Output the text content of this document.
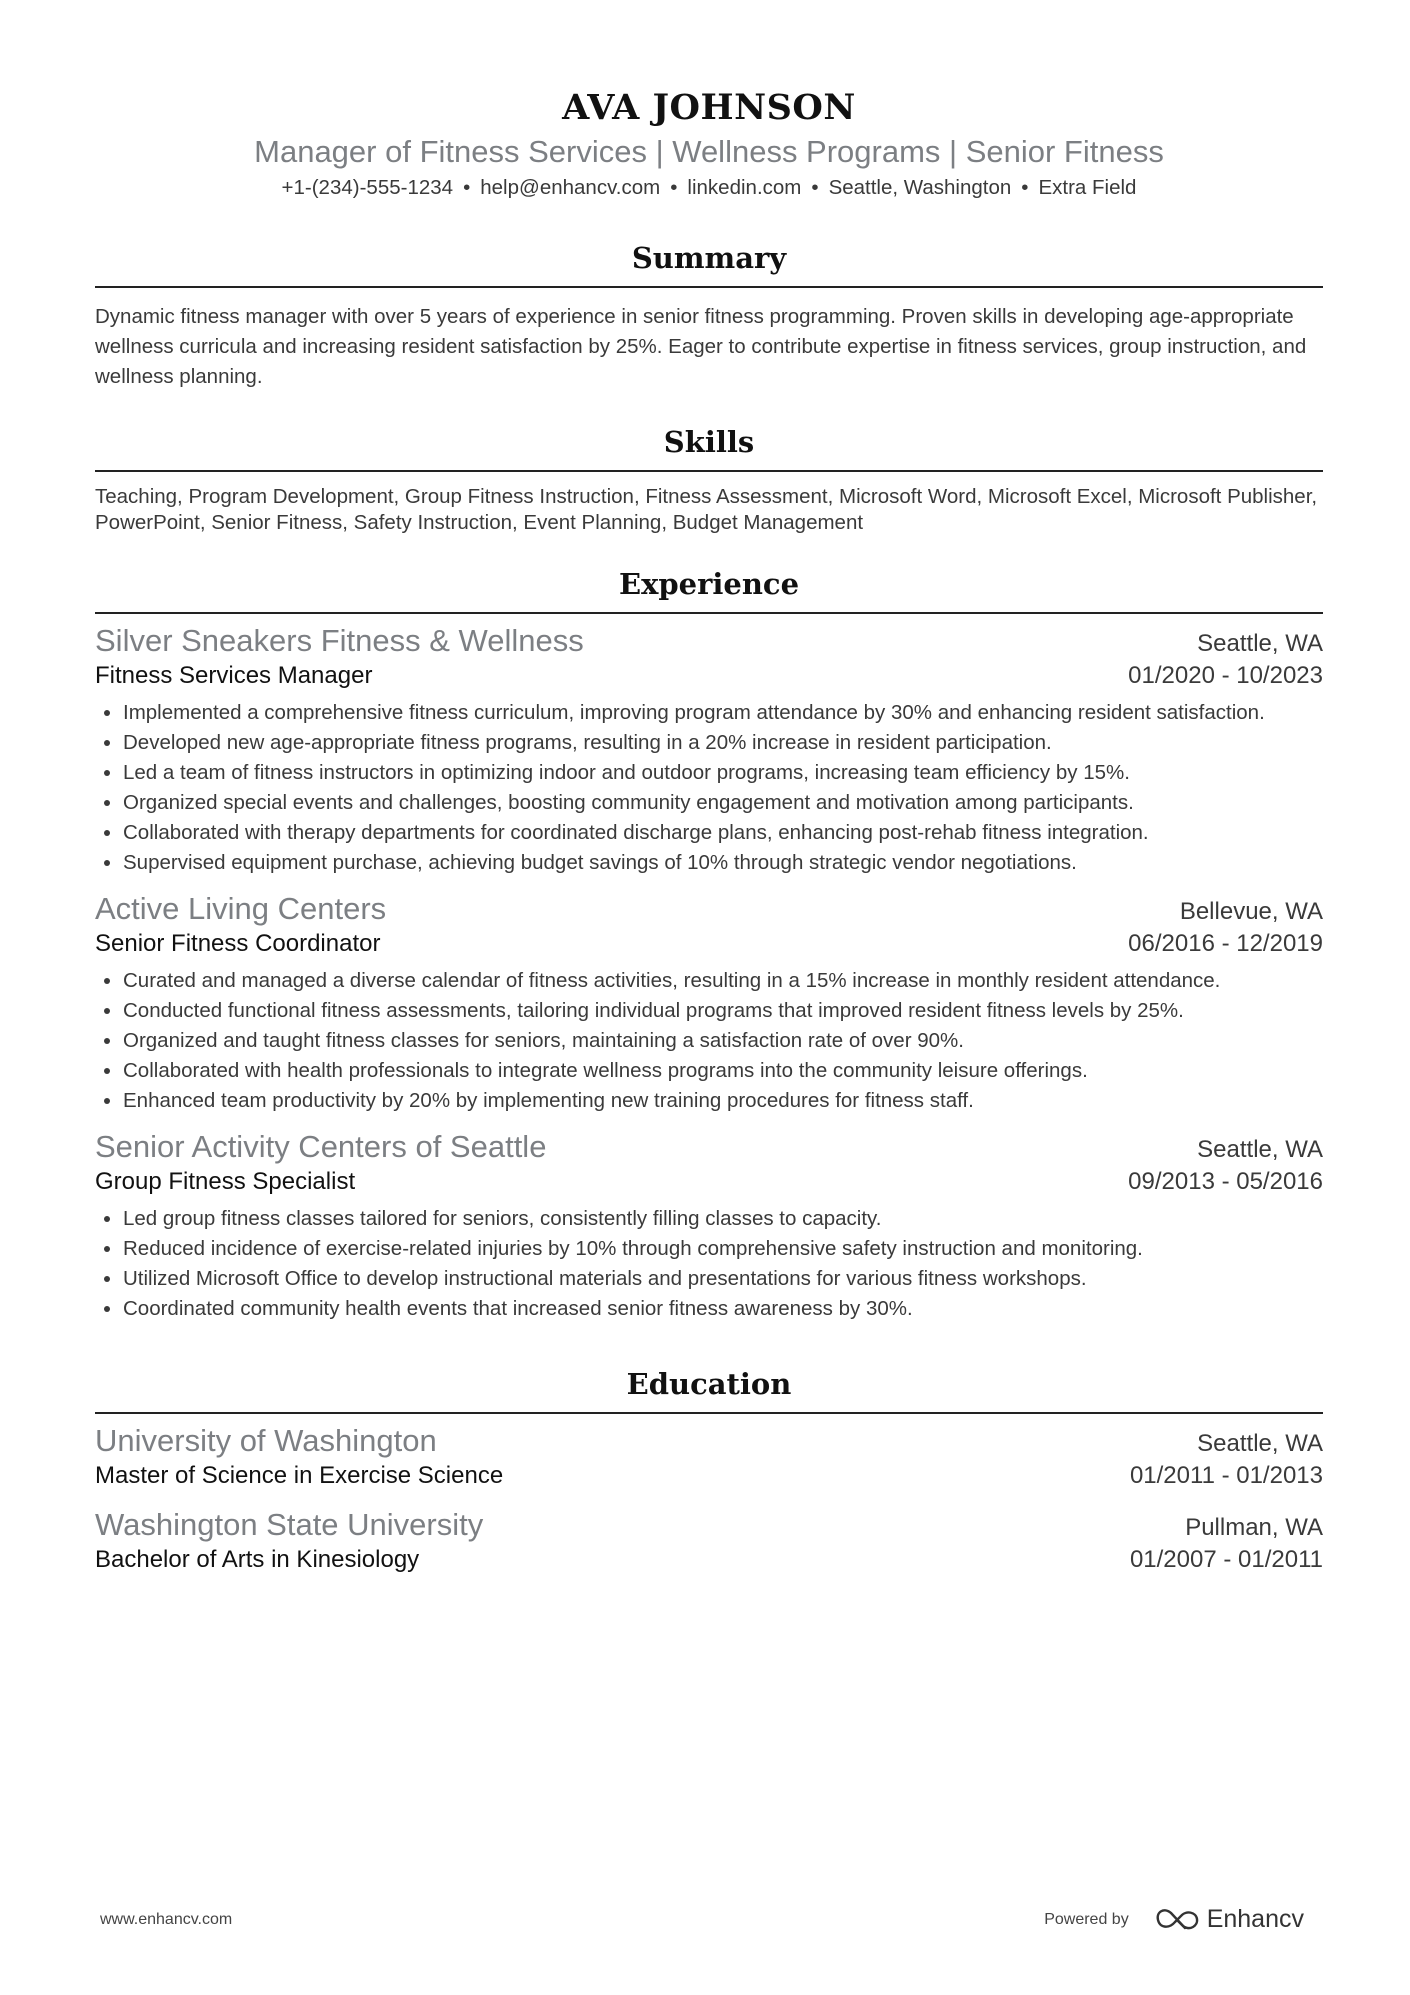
AVA JOHNSON
Manager of Fitness Services | Wellness Programs | Senior Fitness
+1-(234)-555-1234 • help@enhancv.com • linkedin.com • Seattle, Washington • Extra Field
Summary
Dynamic fitness manager with over 5 years of experience in senior fitness programming. Proven skills in developing age-appropriate wellness curricula and increasing resident satisfaction by 25%. Eager to contribute expertise in fitness services, group instruction, and wellness planning.
Skills
Teaching, Program Development, Group Fitness Instruction, Fitness Assessment, Microsoft Word, Microsoft Excel, Microsoft Publisher, PowerPoint, Senior Fitness, Safety Instruction, Event Planning, Budget Management
Experience
Silver Sneakers Fitness & Wellness	Seattle, WA
Fitness Services Manager	01/2020 - 10/2023
• Implemented a comprehensive fitness curriculum, improving program attendance by 30% and enhancing resident satisfaction.
• Developed new age-appropriate fitness programs, resulting in a 20% increase in resident participation.
• Led a team of fitness instructors in optimizing indoor and outdoor programs, increasing team efficiency by 15%.
• Organized special events and challenges, boosting community engagement and motivation among participants.
• Collaborated with therapy departments for coordinated discharge plans, enhancing post-rehab fitness integration.
• Supervised equipment purchase, achieving budget savings of 10% through strategic vendor negotiations.
Active Living Centers	Bellevue, WA
Senior Fitness Coordinator	06/2016 - 12/2019
• Curated and managed a diverse calendar of fitness activities, resulting in a 15% increase in monthly resident attendance.
• Conducted functional fitness assessments, tailoring individual programs that improved resident fitness levels by 25%.
• Organized and taught fitness classes for seniors, maintaining a satisfaction rate of over 90%.
• Collaborated with health professionals to integrate wellness programs into the community leisure offerings.
• Enhanced team productivity by 20% by implementing new training procedures for fitness staff.
Senior Activity Centers of Seattle	Seattle, WA
Group Fitness Specialist	09/2013 - 05/2016
• Led group fitness classes tailored for seniors, consistently filling classes to capacity.
• Reduced incidence of exercise-related injuries by 10% through comprehensive safety instruction and monitoring.
• Utilized Microsoft Office to develop instructional materials and presentations for various fitness workshops.
• Coordinated community health events that increased senior fitness awareness by 30%.
Education
University of Washington	Seattle, WA
Master of Science in Exercise Science	01/2011 - 01/2013
Washington State University	Pullman, WA
Bachelor of Arts in Kinesiology	01/2007 - 01/2011
www.enhancv.com	Powered by	Enhancv
